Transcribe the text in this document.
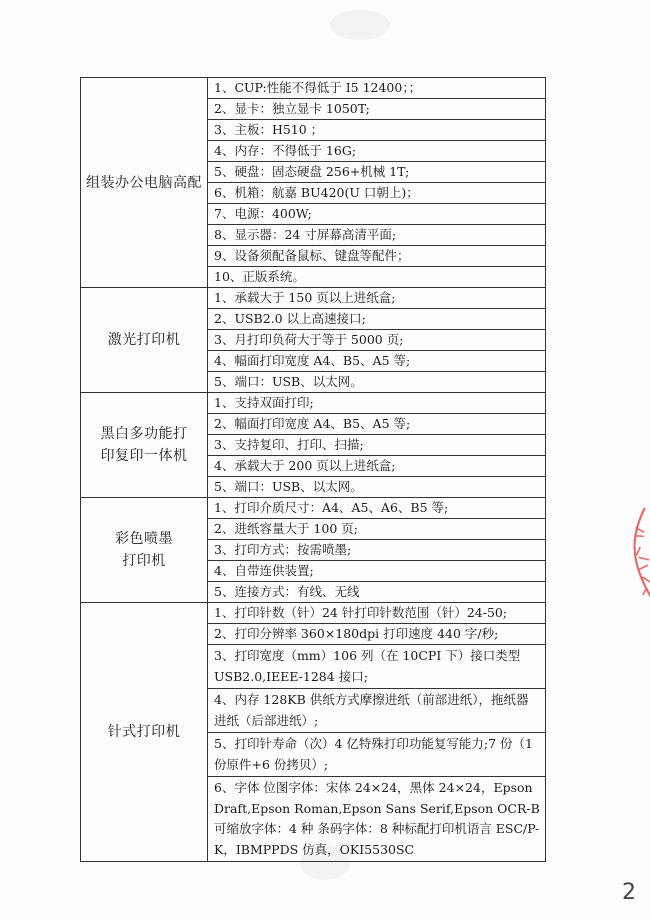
组装办公电脑高配	1、CUP:性能不得低于 I5 12400；；
	2、显卡：独立显卡 1050T;
	3、主板：H510 ；
	4、内存：不得低于 16G;
	5、硬盘：固态硬盘 256+机械 1T;
	6、机箱：航嘉 BU420(U 口朝上)；
	7、电源：400W;
	8、显示器：24 寸屏幕高清平面;
	9、设备须配备鼠标、键盘等配件；
	10、正版系统。
激光打印机	1、承载大于 150 页以上进纸盒;
	2、USB2.0 以上高速接口;
	3、月打印负荷大于等于 5000 页;
	4、幅面打印宽度 A4、B5、A5 等;
	5、端口：USB、以太网。
黑白多功能打印复印一体机	1、支持双面打印;
	2、幅面打印宽度 A4、B5、A5 等;
	3、支持复印、打印、扫描;
	4、承载大于 200 页以上进纸盒;
	5、端口：USB、以太网。
彩色喷墨打印机	1、打印介质尺寸：A4、A5、A6、B5 等;
	2、进纸容量大于 100 页;
	3、打印方式：按需喷墨;
	4、自带连供装置;
	5、连接方式：有线、无线
针式打印机	1、打印针数（针）24 针打印针数范围（针）24-50;
	2、打印分辨率 360×180dpi 打印速度 440 字/秒;
	3、打印宽度（mm）106 列（在 10CPI 下）接口类型 USB2.0,IEEE-1284 接口;
	4、内存 128KB 供纸方式摩擦进纸（前部进纸），拖纸器进纸（后部进纸）;
	5、打印针寿命（次）4 亿特殊打印功能复写能力;7 份（1 份原件+6 份拷贝）;
	6、字体 位图字体：宋体 24×24，黑体 24×24，Epson Draft,Epson Roman,Epson Sans Serif,Epson OCR-B 可缩放字体：4 种 条码字体：8 种标配打印机语言 ESC/P-K，IBMPPDS 仿真，OKI5530SC
2
